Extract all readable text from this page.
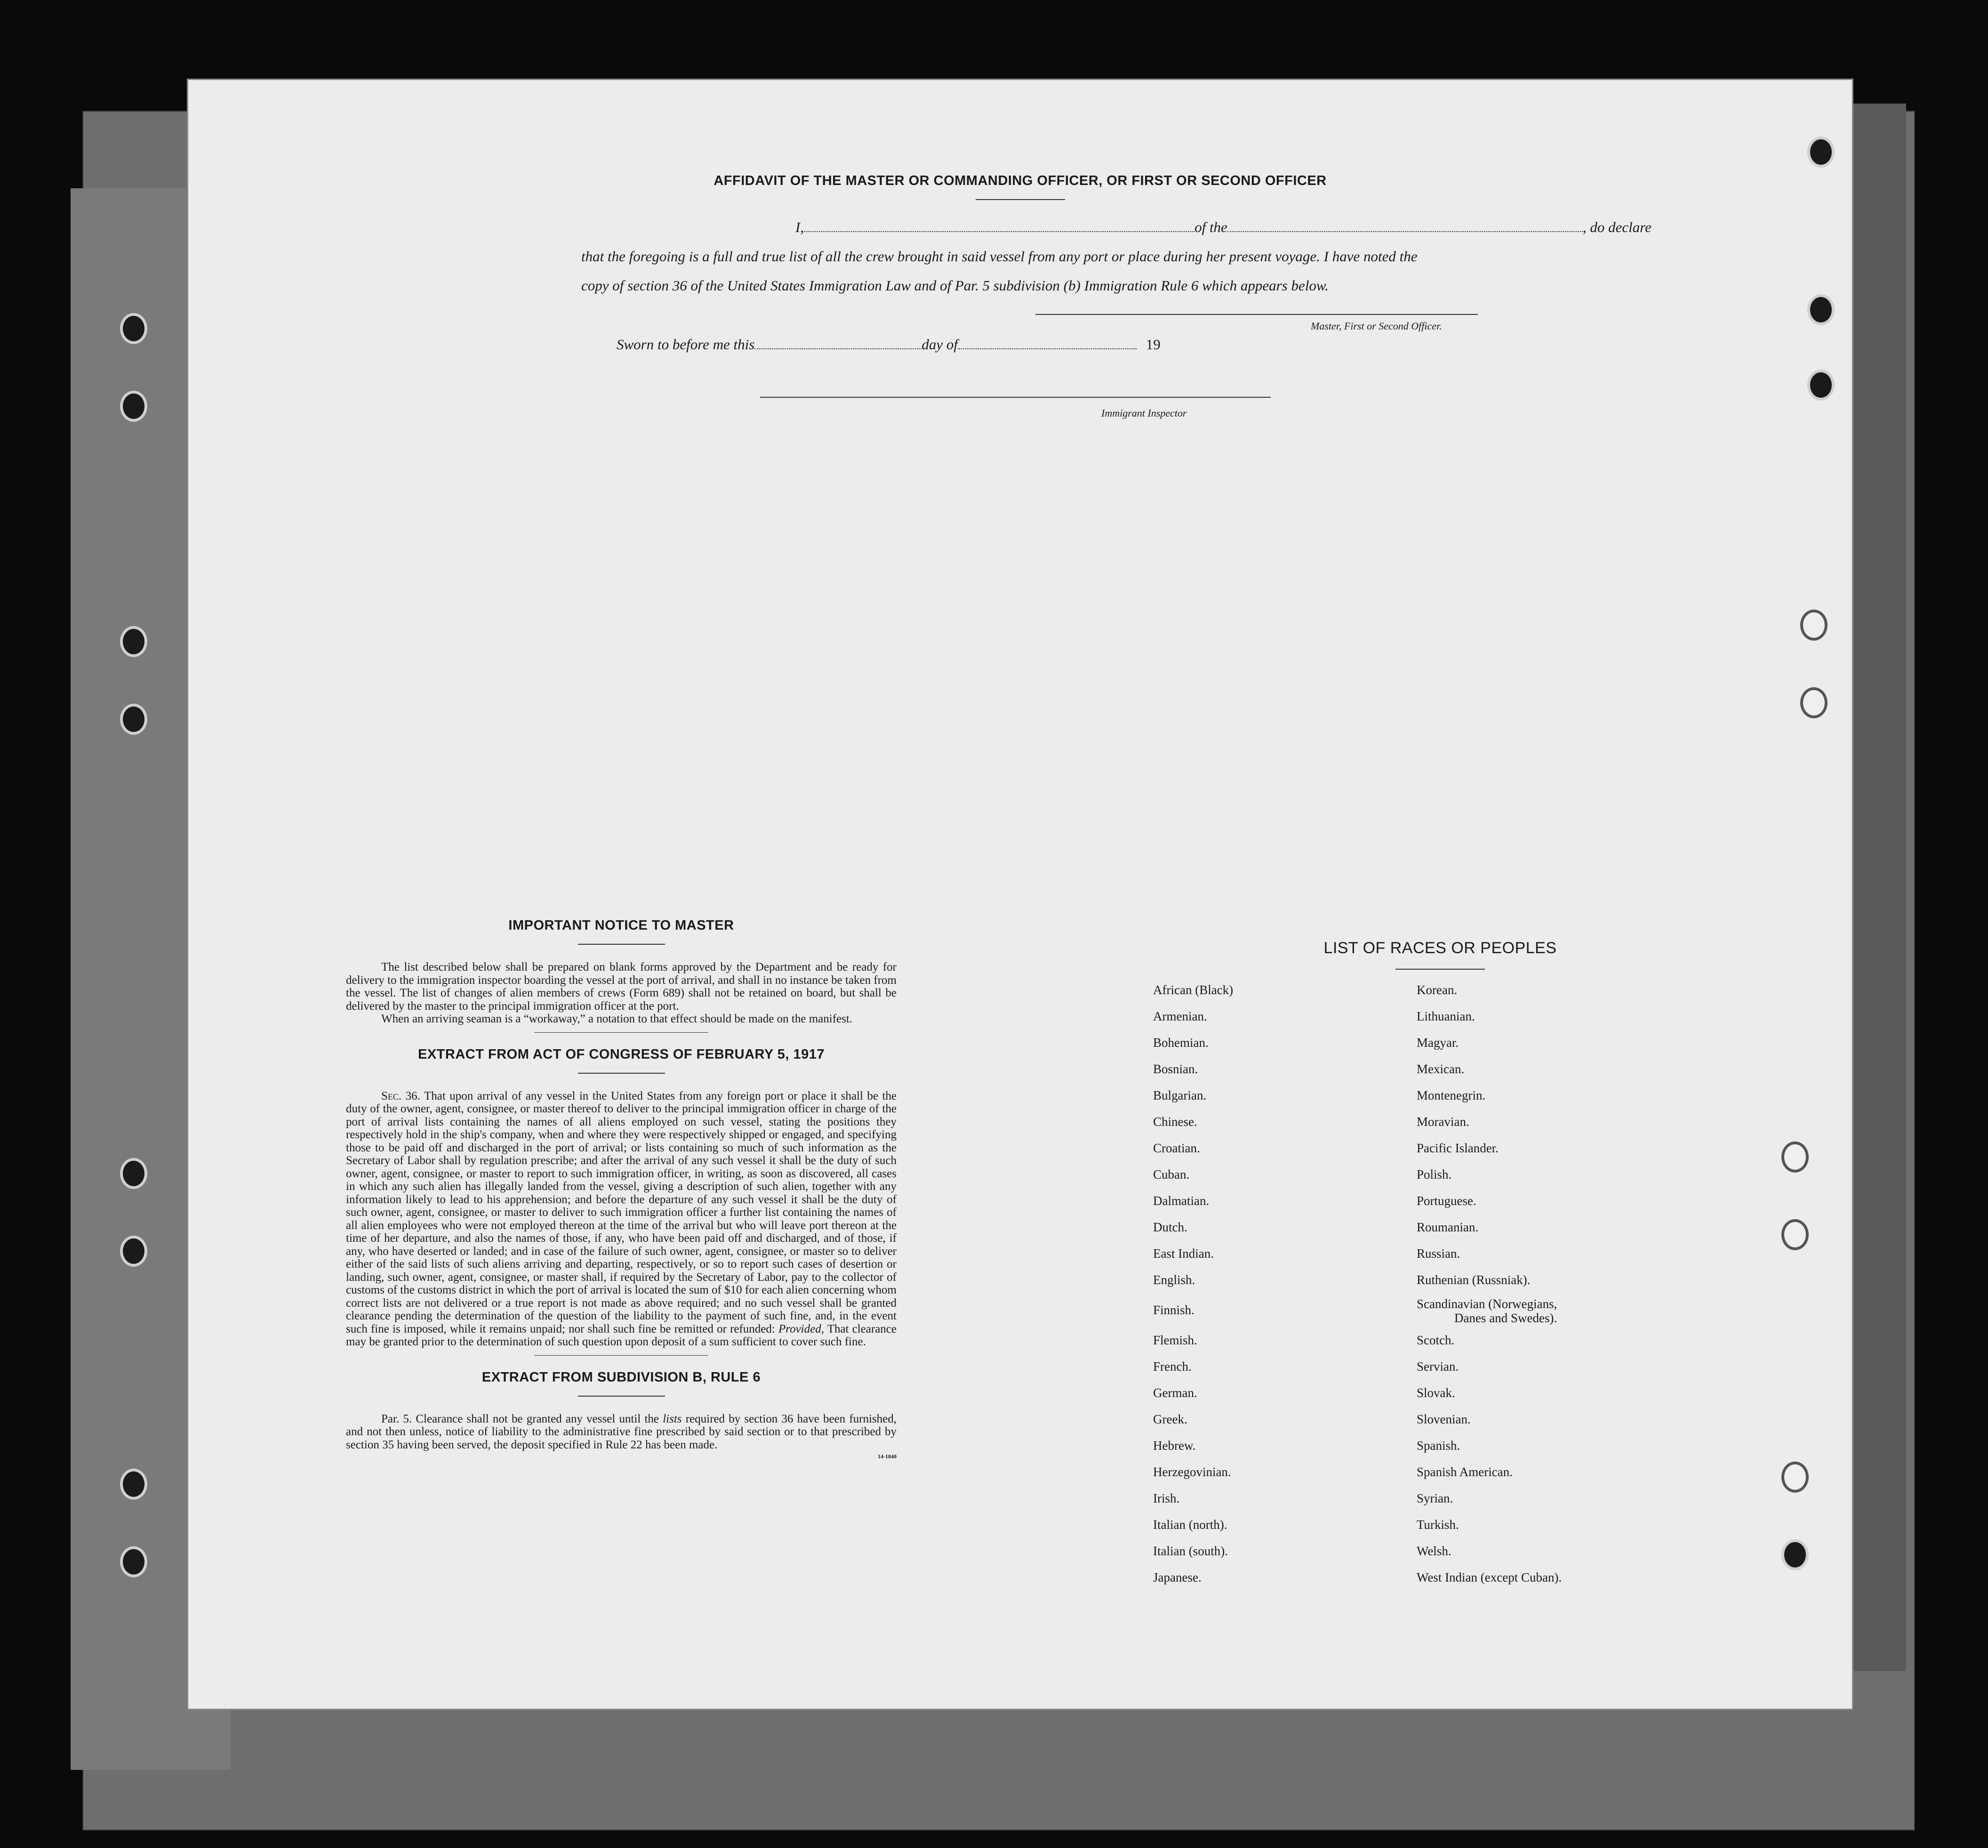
AFFIDAVIT OF THE MASTER OR COMMANDING OFFICER, OR FIRST OR SECOND OFFICER
I,	of the	, do declare
that the foregoing is a full and true list of all the crew brought in said vessel from any port or place during her present voyage. I have noted the
copy of section 36 of the United States Immigration Law and of Par. 5 subdivision (b) Immigration Rule 6 which appears below.
Master, First or Second Officer.
Sworn to before me this	day of	19
Immigrant Inspector
IMPORTANT NOTICE TO MASTER

The list described below shall be prepared on blank forms approved by the Department and be ready for delivery to the immigration inspector boarding the vessel at the port of arrival, and shall in no instance be taken from the vessel. The list of changes of alien members of crews (Form 689) shall not be retained on board, but shall be delivered by the master to the principal immigration officer at the port.

When an arriving seaman is a “workaway,” a notation to that effect should be made on the manifest.

EXTRACT FROM ACT OF CONGRESS OF FEBRUARY 5, 1917

Sec. 36. That upon arrival of any vessel in the United States from any foreign port or place it shall be the duty of the owner, agent, consignee, or master thereof to deliver to the principal immigration officer in charge of the port of arrival lists containing the names of all aliens employed on such vessel, stating the positions they respectively hold in the ship's company, when and where they were respectively shipped or engaged, and specifying those to be paid off and discharged in the port of arrival; or lists containing so much of such information as the Secretary of Labor shall by regulation prescribe; and after the arrival of any such vessel it shall be the duty of such owner, agent, consignee, or master to report to such immigration officer, in writing, as soon as discovered, all cases in which any such alien has illegally landed from the vessel, giving a description of such alien, together with any information likely to lead to his apprehension; and before the departure of any such vessel it shall be the duty of such owner, agent, consignee, or master to deliver to such immigration officer a further list containing the names of all alien employees who were not employed thereon at the time of the arrival but who will leave port thereon at the time of her departure, and also the names of those, if any, who have been paid off and discharged, and of those, if any, who have deserted or landed; and in case of the failure of such owner, agent, consignee, or master so to deliver either of the said lists of such aliens arriving and departing, respectively, or so to report such cases of desertion or landing, such owner, agent, consignee, or master shall, if required by the Secretary of Labor, pay to the collector of customs of the customs district in which the port of arrival is located the sum of $10 for each alien concerning whom correct lists are not delivered or a true report is not made as above required; and no such vessel shall be granted clearance pending the determination of the question of the liability to the payment of such fine, and, in the event such fine is imposed, while it remains unpaid; nor shall such fine be remitted or refunded: Provided, That clearance may be granted prior to the determination of such question upon deposit of a sum sufficient to cover such fine.

EXTRACT FROM SUBDIVISION B, RULE 6

Par. 5. Clearance shall not be granted any vessel until the lists required by section 36 have been furnished, and not then unless, notice of liability to the administrative fine prescribed by said section or to that prescribed by section 35 having been served, the deposit specified in Rule 22 has been made.

14-1840
LIST OF RACES OR PEOPLES
African (Black)
Armenian.
Bohemian.
Bosnian.
Bulgarian.
Chinese.
Croatian.
Cuban.
Dalmatian.
Dutch.
East Indian.
English.
Finnish.
Flemish.
French.
German.
Greek.
Hebrew.
Herzegovinian.
Irish.
Italian (north).
Italian (south).
Japanese.
Korean.
Lithuanian.
Magyar.
Mexican.
Montenegrin.
Moravian.
Pacific Islander.
Polish.
Portuguese.
Roumanian.
Russian.
Ruthenian (Russniak).
Scandinavian (Norwegians,
Danes and Swedes).
Scotch.
Servian.
Slovak.
Slovenian.
Spanish.
Spanish American.
Syrian.
Turkish.
Welsh.
West Indian (except Cuban).
